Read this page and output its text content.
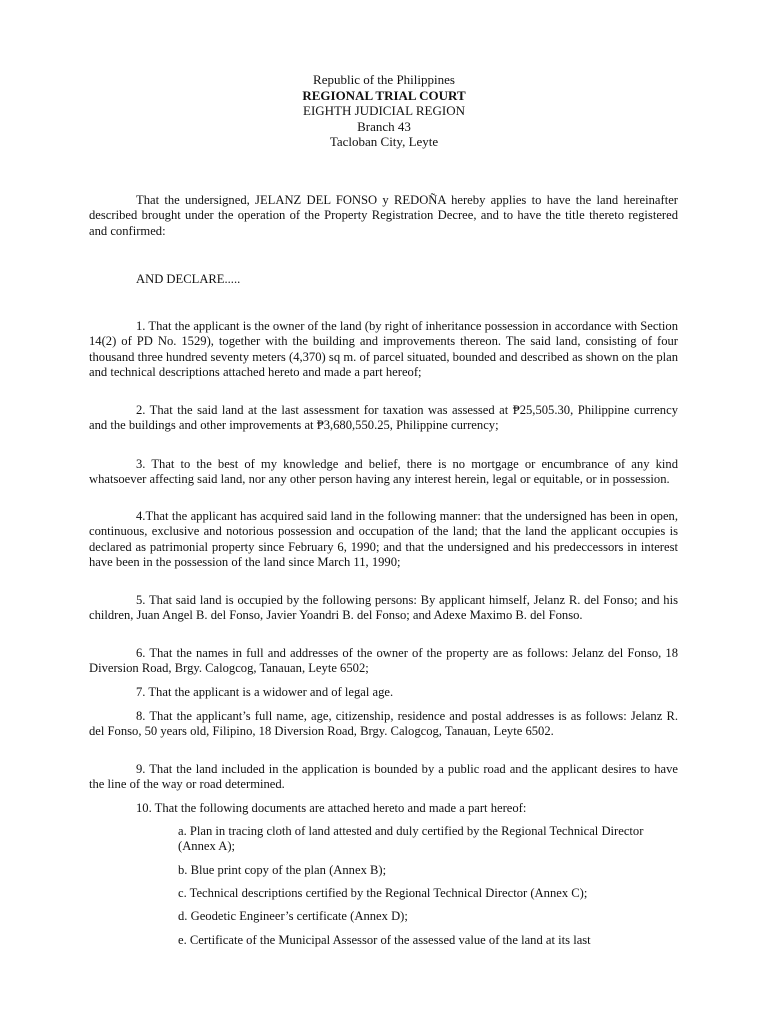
Republic of the Philippines
REGIONAL TRIAL COURT
EIGHTH JUDICIAL REGION
Branch 43
Tacloban City, Leyte

That the undersigned, JELANZ DEL FONSO y REDOÑA hereby applies to have the land hereinafter described brought under the operation of the Property Registration Decree, and to have the title thereto registered and confirmed:

AND DECLARE.....

1. That the applicant is the owner of the land (by right of inheritance possession in accordance with Section 14(2) of PD No. 1529), together with the building and improvements thereon. The said land, consisting of four thousand three hundred seventy meters (4,370) sq m. of parcel situated, bounded and described as shown on the plan and technical descriptions attached hereto and made a part hereof;

2. That the said land at the last assessment for taxation was assessed at ₱25,505.30, Philippine currency and the buildings and other improvements at ₱3,680,550.25, Philippine currency;

3. That to the best of my knowledge and belief, there is no mortgage or encumbrance of any kind whatsoever affecting said land, nor any other person having any interest herein, legal or equitable, or in possession.

4.That the applicant has acquired said land in the following manner: that the undersigned has been in open, continuous, exclusive and notorious possession and occupation of the land; that the land the applicant occupies is declared as patrimonial property since February 6, 1990; and that the undersigned and his predeccessors in interest have been in the possession of the land since March 11, 1990;

5. That said land is occupied by the following persons: By applicant himself, Jelanz R. del Fonso; and his children, Juan Angel B. del Fonso, Javier Yoandri B. del Fonso; and Adexe Maximo B. del Fonso.

6. That the names in full and addresses of the owner of the property are as follows: Jelanz del Fonso, 18 Diversion Road, Brgy. Calogcog, Tanauan, Leyte 6502;

7. That the applicant is a widower and of legal age.

8. That the applicant’s full name, age, citizenship, residence and postal addresses is as follows: Jelanz R. del Fonso, 50 years old, Filipino, 18 Diversion Road, Brgy. Calogcog, Tanauan, Leyte 6502.

9. That the land included in the application is bounded by a public road and the applicant desires to have the line of the way or road determined.

10. That the following documents are attached hereto and made a part hereof:

a. Plan in tracing cloth of land attested and duly certified by the Regional Technical Director (Annex A);

b. Blue print copy of the plan (Annex B);

c. Technical descriptions certified by the Regional Technical Director (Annex C);

d. Geodetic Engineer’s certificate (Annex D);

e. Certificate of the Municipal Assessor of the assessed value of the land at its last
